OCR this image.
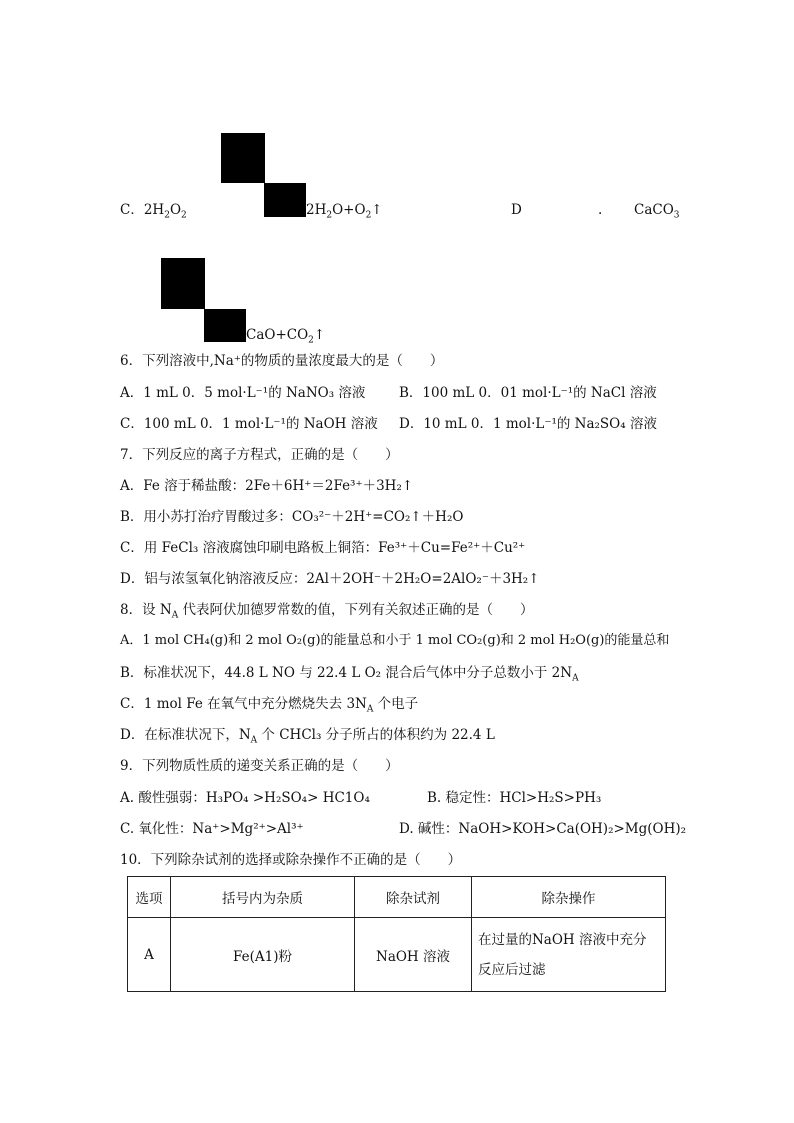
C．$2H_2O_2$	$2H_2O+O_2↑$	D	. CaCO$_3$
$CaO+CO_2↑$
6．下列溶液中,Na⁺的物质的量浓度最大的是（　　）
A．1 mL 0．5 mol·L⁻¹的 NaNO₃ 溶液 B．100 mL 0．01 mol·L⁻¹的 NaCl 溶液
C．100 mL 0．1 mol·L⁻¹的 NaOH 溶液 D．10 mL 0．1 mol·L⁻¹的 Na₂SO₄ 溶液
7．下列反应的离子方程式，正确的是（　　）
A．Fe 溶于稀盐酸：2Fe＋6H⁺＝2Fe³⁺＋3H₂↑
B．用小苏打治疗胃酸过多：CO₃²⁻＋2H⁺=CO₂↑＋H₂O
C．用 FeCl₃ 溶液腐蚀印刷电路板上铜箔：Fe³⁺＋Cu=Fe²⁺＋Cu²⁺
D．铝与浓氢氧化钠溶液反应：2Al＋2OH⁻＋2H₂O=2AlO₂⁻＋3H₂↑
8．设 $N_A$ 代表阿伏加德罗常数的值，下列有关叙述正确的是（　　）
A．1 mol CH₄(g)和 2 mol O₂(g)的能量总和小于 1 mol CO₂(g)和 2 mol H₂O(g)的能量总和
B．标准状况下，44.8 L NO 与 22.4 L O₂ 混合后气体中分子总数小于 $2N_A$
C．1 mol Fe 在氧气中充分燃烧失去 $3N_A$ 个电子
D．在标准状况下，$N_A$ 个 CHCl₃ 分子所占的体积约为 22.4 L
9．下列物质性质的递变关系正确的是（　　）
A. 酸性强弱：H₃PO₄ >H₂SO₄> HC1O₄	B. 稳定性：HCl>H₂S>PH₃
C. 氧化性：Na⁺>Mg²⁺>Al³⁺	D. 碱性：NaOH>KOH>Ca(OH)₂>Mg(OH)₂
10．下列除杂试剂的选择或除杂操作不正确的是（　　）
选项	括号内为杂质	除杂试剂	除杂操作
A	Fe(A1)粉	NaOH 溶液	在过量的NaOH 溶液中充分反应后过滤
